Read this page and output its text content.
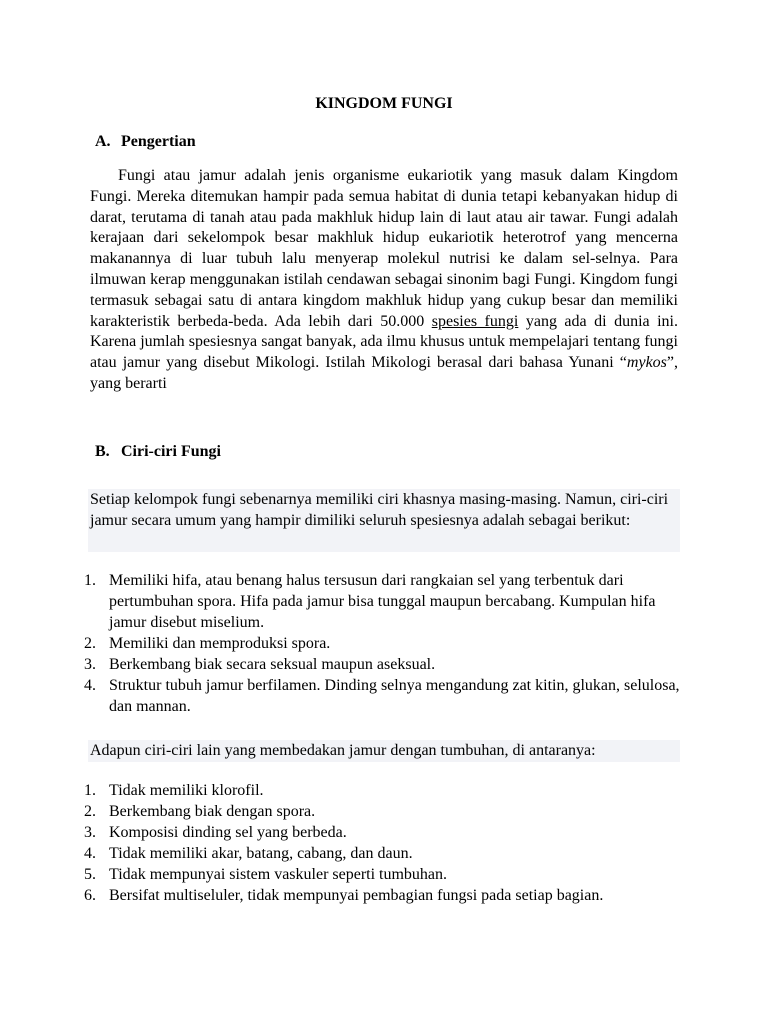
KINGDOM FUNGI
A. Pengertian

Fungi atau jamur adalah jenis organisme eukariotik yang masuk dalam Kingdom Fungi. Mereka ditemukan hampir pada semua habitat di dunia tetapi kebanyakan hidup di darat, terutama di tanah atau pada makhluk hidup lain di laut atau air tawar. Fungi adalah kerajaan dari sekelompok besar makhluk hidup eukariotik heterotrof yang mencerna makanannya di luar tubuh lalu menyerap molekul nutrisi ke dalam sel-selnya. Para ilmuwan kerap menggunakan istilah cendawan sebagai sinonim bagi Fungi. Kingdom fungi termasuk sebagai satu di antara kingdom makhluk hidup yang cukup besar dan memiliki karakteristik berbeda-beda. Ada lebih dari 50.000 spesies fungi yang ada di dunia ini. Karena jumlah spesiesnya sangat banyak, ada ilmu khusus untuk mempelajari tentang fungi atau jamur yang disebut Mikologi. Istilah Mikologi berasal dari bahasa Yunani “mykos”, yang berarti

B. Ciri-ciri Fungi
Setiap kelompok fungi sebenarnya memiliki ciri khasnya masing-masing. Namun, ciri-ciri jamur secara umum yang hampir dimiliki seluruh spesiesnya adalah sebagai berikut:
1. Memiliki hifa, atau benang halus tersusun dari rangkaian sel yang terbentuk dari pertumbuhan spora. Hifa pada jamur bisa tunggal maupun bercabang. Kumpulan hifa jamur disebut miselium.
2. Memiliki dan memproduksi spora.
3. Berkembang biak secara seksual maupun aseksual.
4. Struktur tubuh jamur berfilamen. Dinding selnya mengandung zat kitin, glukan, selulosa, dan mannan.
Adapun ciri-ciri lain yang membedakan jamur dengan tumbuhan, di antaranya:
1. Tidak memiliki klorofil.
2. Berkembang biak dengan spora.
3. Komposisi dinding sel yang berbeda.
4. Tidak memiliki akar, batang, cabang, dan daun.
5. Tidak mempunyai sistem vaskuler seperti tumbuhan.
6. Bersifat multiseluler, tidak mempunyai pembagian fungsi pada setiap bagian.
